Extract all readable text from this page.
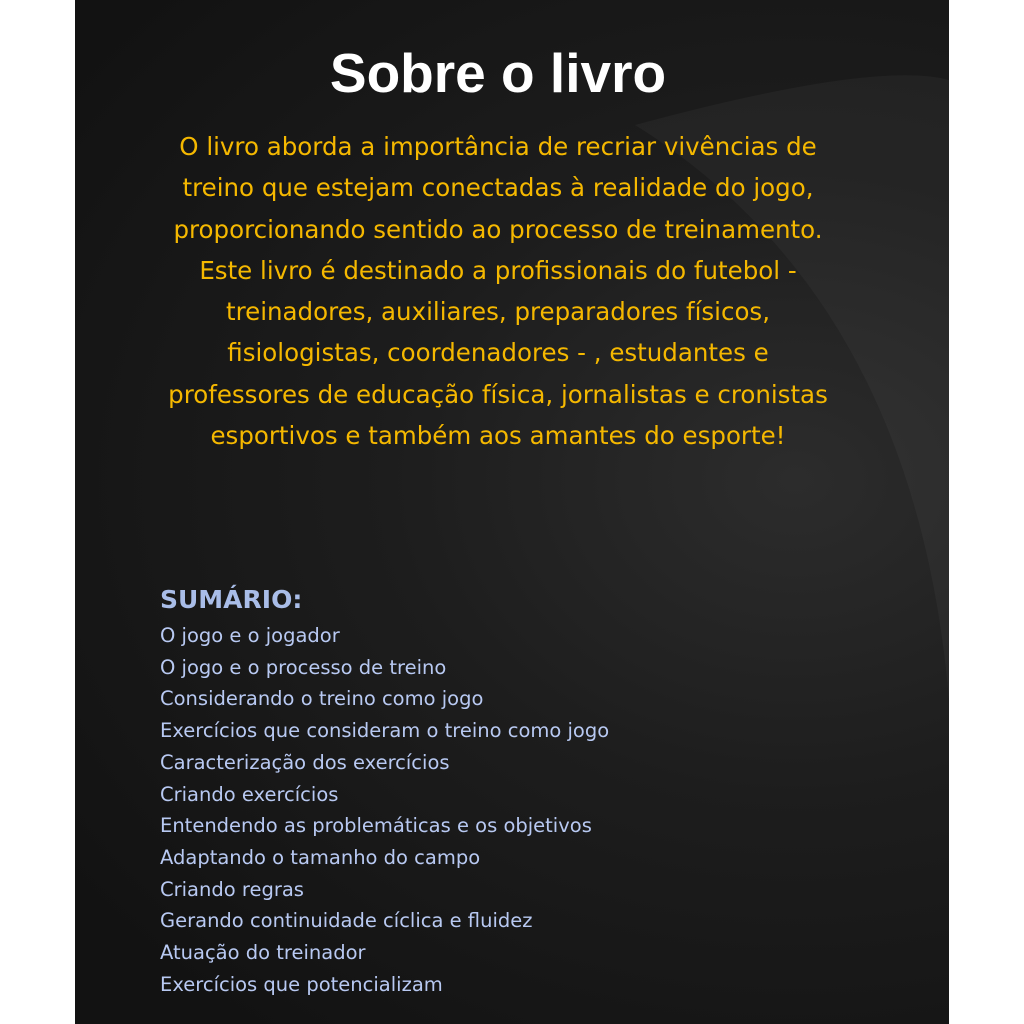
Sobre o livro

O livro aborda a importância de recriar vivências de treino que estejam conectadas à realidade do jogo, proporcionando sentido ao processo de treinamento.

Este livro é destinado a profissionais do futebol - treinadores, auxiliares, preparadores físicos, fisiologistas, coordenadores - , estudantes e professores de educação física, jornalistas e cronistas esportivos e também aos amantes do esporte!

SUMÁRIO:
O jogo e o jogador
O jogo e o processo de treino
Considerando o treino como jogo
Exercícios que consideram o treino como jogo
Caracterização dos exercícios
Criando exercícios
Entendendo as problemáticas e os objetivos
Adaptando o tamanho do campo
Criando regras
Gerando continuidade cíclica e fluidez
Atuação do treinador
Exercícios que potencializam
